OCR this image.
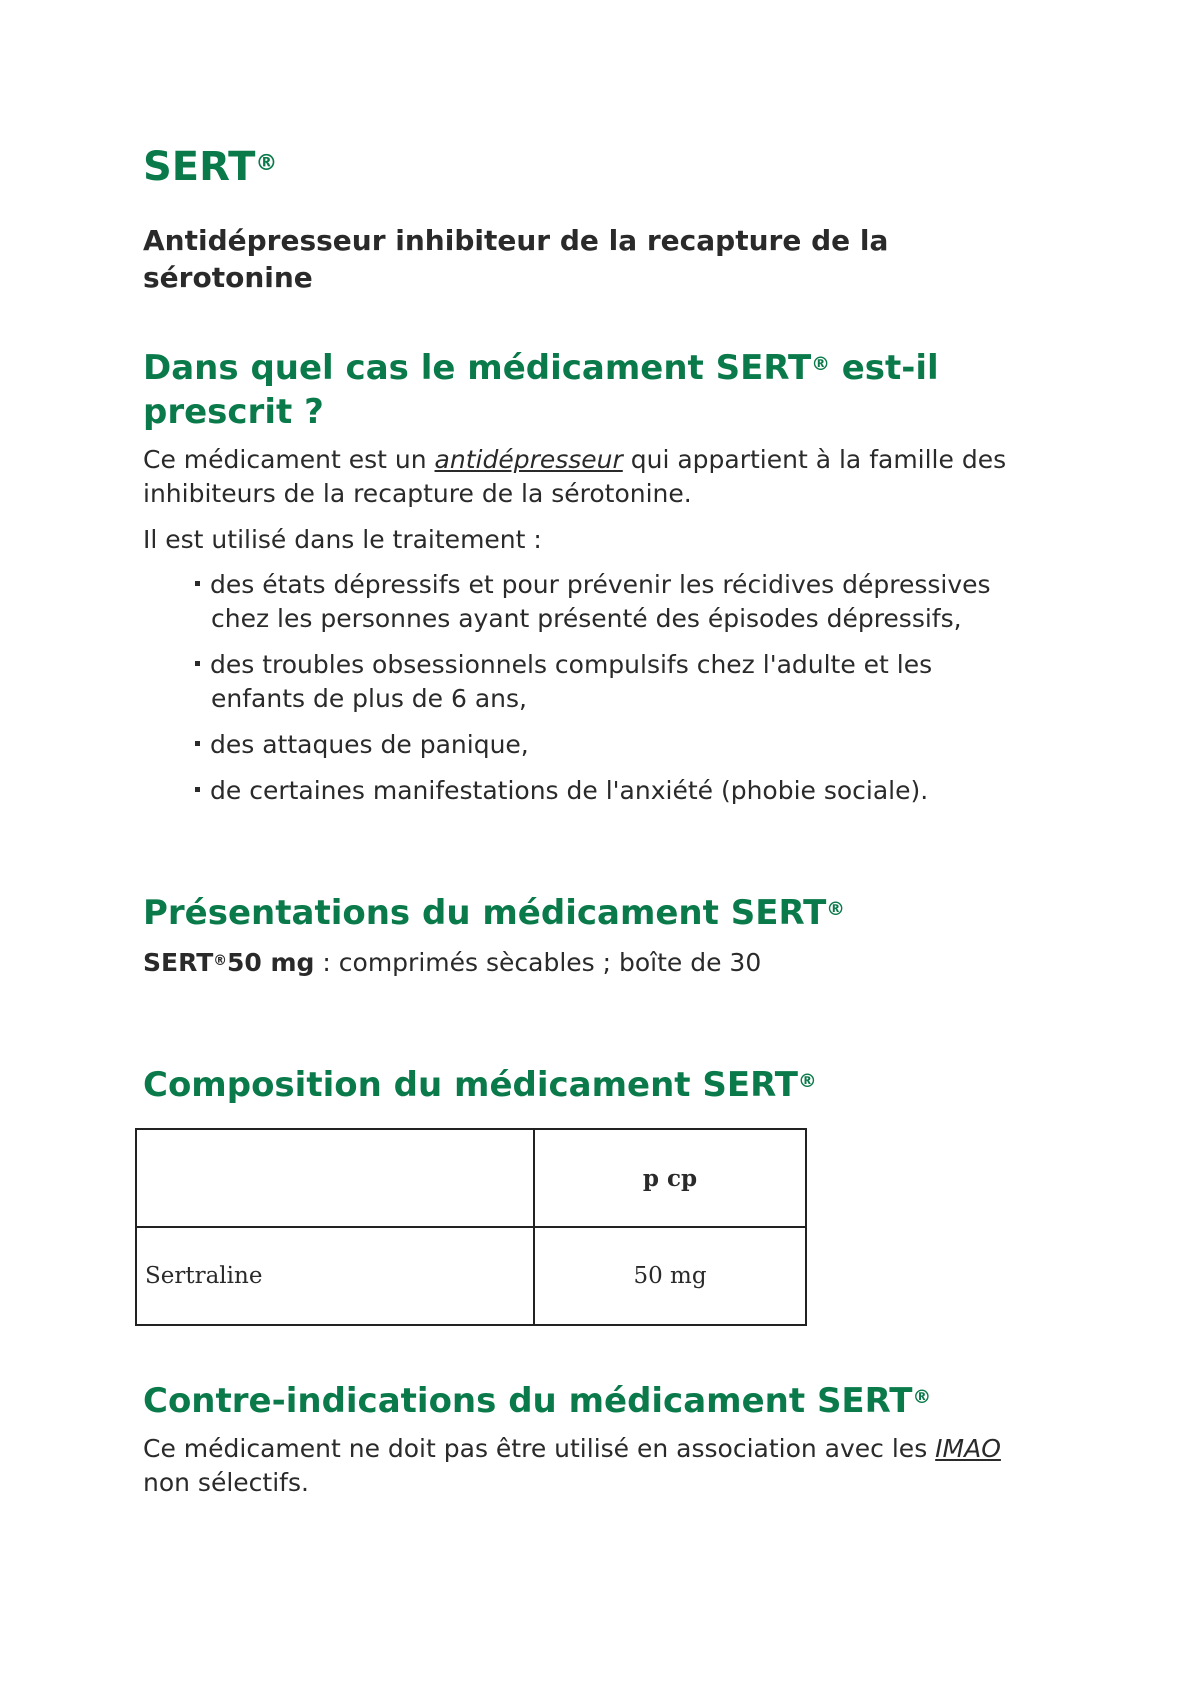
SERT®
Antidépresseur inhibiteur de la recapture de la sérotonine
Dans quel cas le médicament SERT® est-il prescrit ?

Ce médicament est un antidépresseur qui appartient à la famille des inhibiteurs de la recapture de la sérotonine.

Il est utilisé dans le traitement :

des états dépressifs et pour prévenir les récidives dépressives chez les personnes ayant présenté des épisodes dépressifs,
des troubles obsessionnels compulsifs chez l'adulte et les enfants de plus de 6 ans,
des attaques de panique,
de certaines manifestations de l'anxiété (phobie sociale).
Présentations du médicament SERT®

SERT®50 mg : comprimés sècables ; boîte de 30

Composition du médicament SERT®
Contre-indications du médicament SERT®

Ce médicament ne doit pas être utilisé en association avec les IMAO non sélectifs.

	p cp
Sertraline	50 mg
